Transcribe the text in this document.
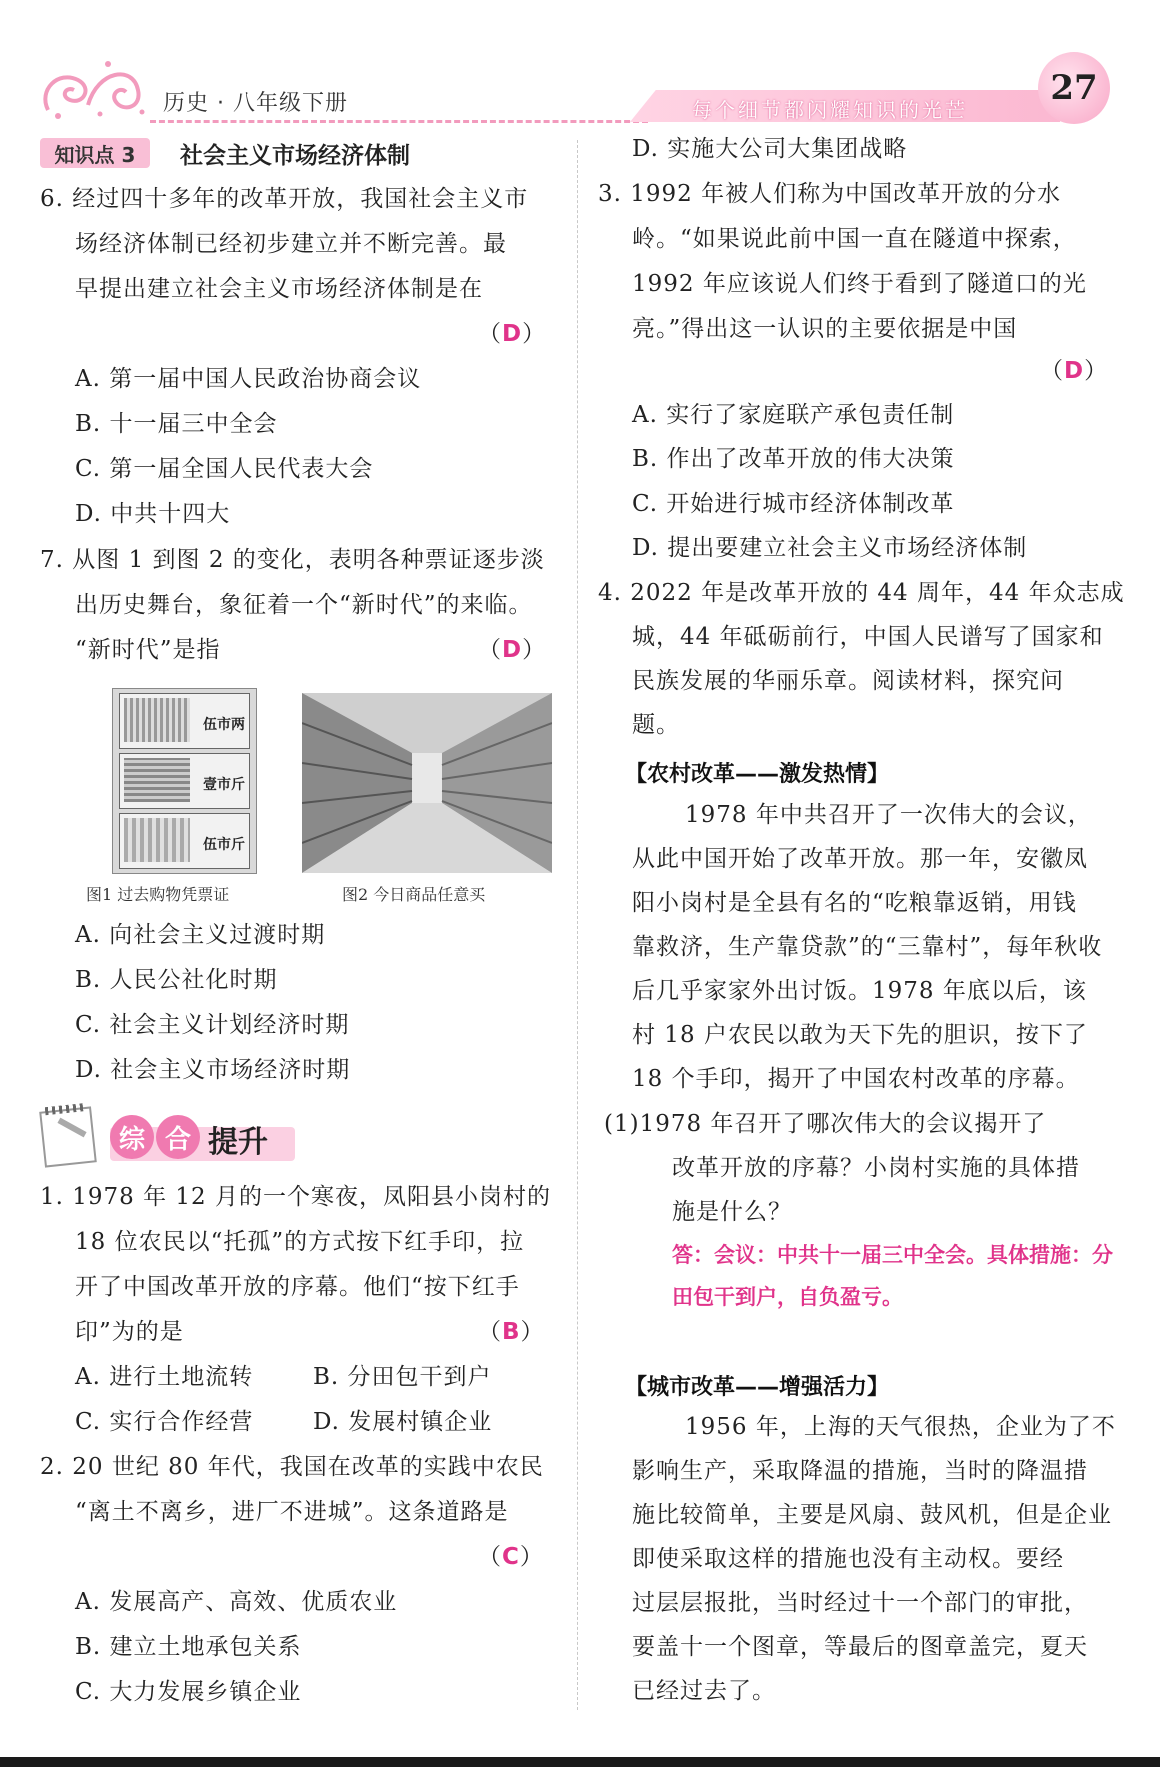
历史 · 八年级下册	每个细节都闪耀知识的光芒
27
知识点 3	社会主义市场经济体制
6. 经过四十多年的改革开放，我国社会主义市
场经济体制已经初步建立并不断完善。最
早提出建立社会主义市场经济体制是在
（D）
A. 第一届中国人民政治协商会议
B. 十一届三中全会
C. 第一届全国人民代表大会
D. 中共十四大
7. 从图 1 到图 2 的变化，表明各种票证逐步淡
出历史舞台，象征着一个“新时代”的来临。
“新时代”是指	（D）
伍市两
壹市斤
伍市斤
图1 过去购物凭票证	图2 今日商品任意买
A. 向社会主义过渡时期
B. 人民公社化时期
C. 社会主义计划经济时期
D. 社会主义市场经济时期
综 合 提升
1. 1978 年 12 月的一个寒夜，凤阳县小岗村的
18 位农民以“托孤”的方式按下红手印，拉
开了中国改革开放的序幕。他们“按下红手
印”为的是	（B）
A. 进行土地流转	B. 分田包干到户
C. 实行合作经营	D. 发展村镇企业
2. 20 世纪 80 年代，我国在改革的实践中农民
“离土不离乡，进厂不进城”。这条道路是
（C）
A. 发展高产、高效、优质农业
B. 建立土地承包关系
C. 大力发展乡镇企业
D. 实施大公司大集团战略
3. 1992 年被人们称为中国改革开放的分水
岭。“如果说此前中国一直在隧道中探索，
1992 年应该说人们终于看到了隧道口的光
亮。”得出这一认识的主要依据是中国
（D）
A. 实行了家庭联产承包责任制
B. 作出了改革开放的伟大决策
C. 开始进行城市经济体制改革
D. 提出要建立社会主义市场经济体制
4. 2022 年是改革开放的 44 周年，44 年众志成
城，44 年砥砺前行，中国人民谱写了国家和
民族发展的华丽乐章。阅读材料，探究问
题。
【农村改革——激发热情】
1978 年中共召开了一次伟大的会议，
从此中国开始了改革开放。那一年，安徽凤
阳小岗村是全县有名的“吃粮靠返销，用钱
靠救济，生产靠贷款”的“三靠村”，每年秋收
后几乎家家外出讨饭。1978 年底以后，该
村 18 户农民以敢为天下先的胆识，按下了
18 个手印，揭开了中国农村改革的序幕。
(1)1978 年召开了哪次伟大的会议揭开了
改革开放的序幕？小岗村实施的具体措
施是什么？
答：会议：中共十一届三中全会。具体措施：分
田包干到户，自负盈亏。
【城市改革——增强活力】
1956 年，上海的天气很热，企业为了不
影响生产，采取降温的措施，当时的降温措
施比较简单，主要是风扇、鼓风机，但是企业
即使采取这样的措施也没有主动权。要经
过层层报批，当时经过十一个部门的审批，
要盖十一个图章，等最后的图章盖完，夏天
已经过去了。
